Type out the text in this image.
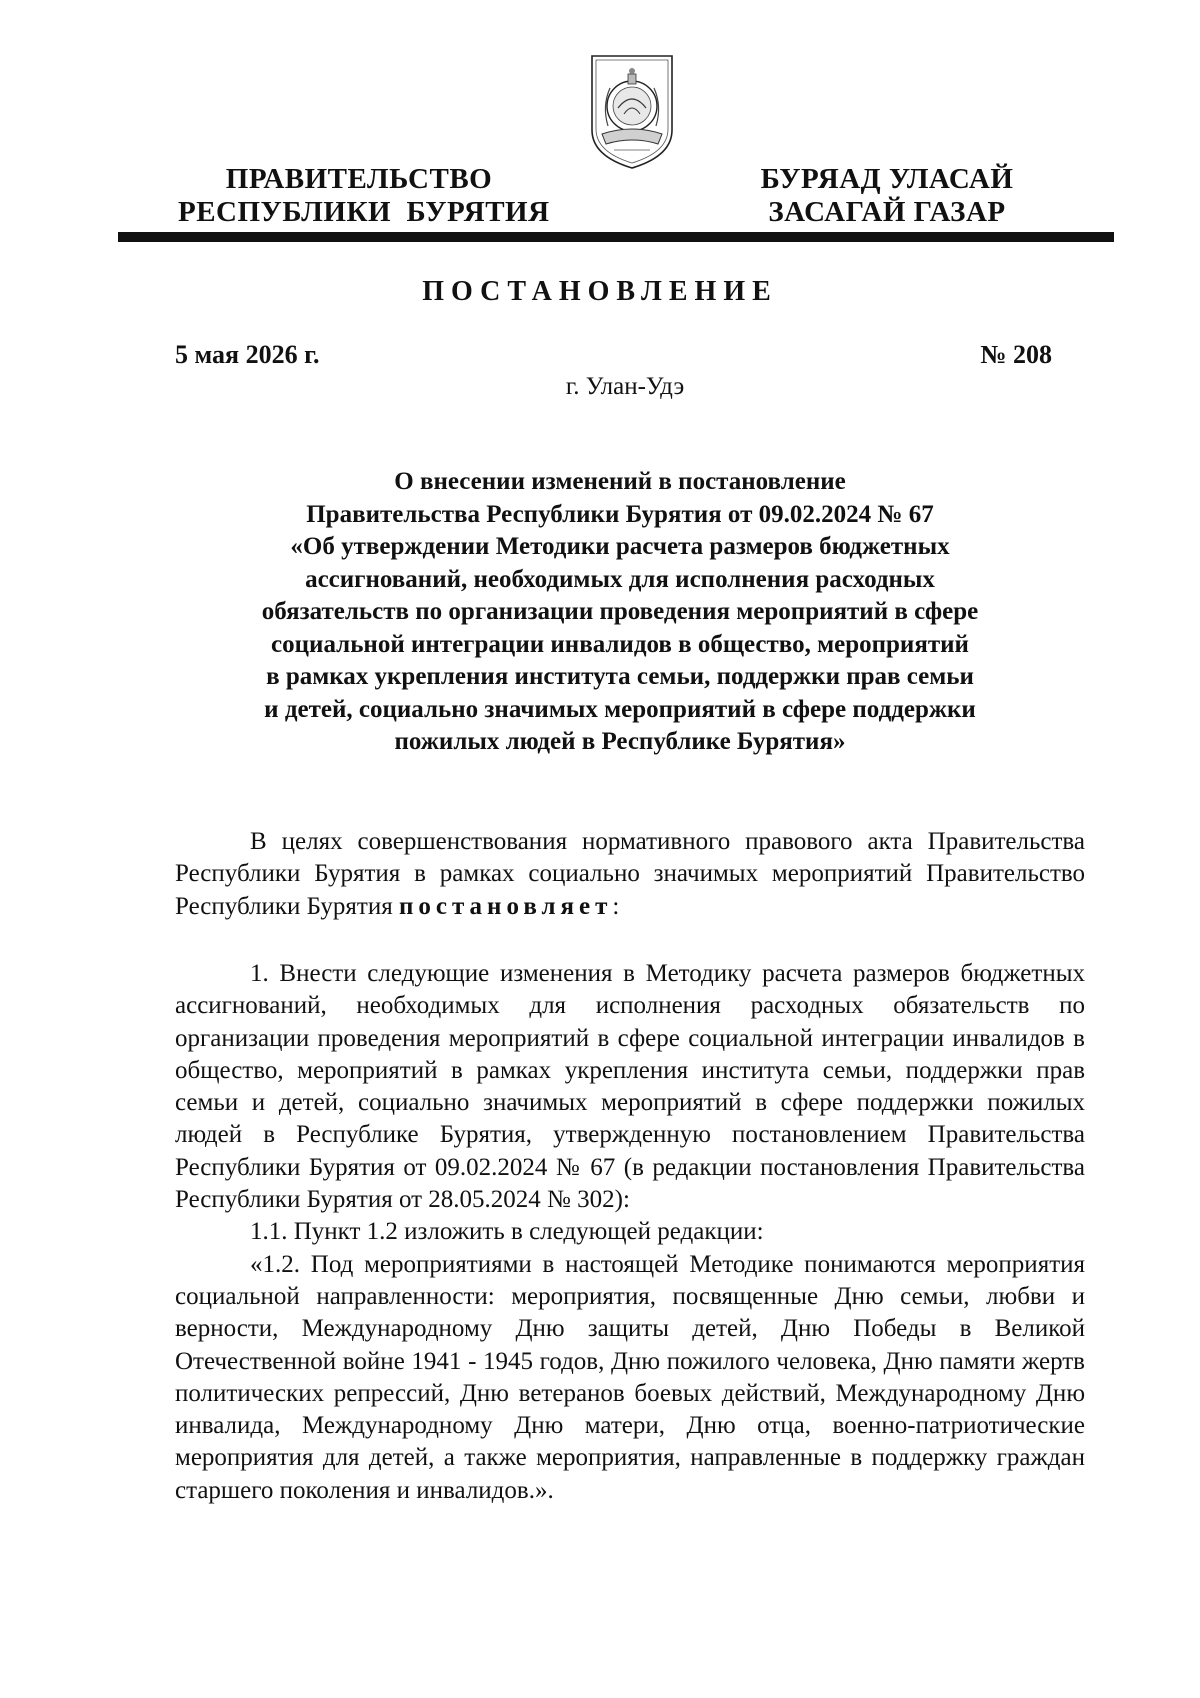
ПРАВИТЕЛЬСТВО
РЕСПУБЛИКИ  БУРЯТИЯ
БУРЯАД УЛАСАЙ
ЗАСАГАЙ ГАЗАР
ПОСТАНОВЛЕНИЕ
5 мая 2026 г.	№ 208
г. Улан-Удэ
О внесении изменений в постановление
Правительства Республики Бурятия от 09.02.2024 № 67
«Об утверждении Методики расчета размеров бюджетных
ассигнований, необходимых для исполнения расходных
обязательств по организации проведения мероприятий в сфере
социальной интеграции инвалидов в общество, мероприятий
в рамках укрепления института семьи, поддержки прав семьи
и детей, социально значимых мероприятий в сфере поддержки
пожилых людей в Республике Бурятия»

В целях совершенствования нормативного правового акта Правительства Республики Бурятия в рамках социально значимых мероприятий Правительство Республики Бурятия постановляет:

1. Внести следующие изменения в Методику расчета размеров бюджетных ассигнований, необходимых для исполнения расходных обязательств по организации проведения мероприятий в сфере социальной интеграции инвалидов в общество, мероприятий в рамках укрепления института семьи, поддержки прав семьи и детей, социально значимых мероприятий в сфере поддержки пожилых людей в Республике Бурятия, утвержденную постановлением Правительства Республики Бурятия от 09.02.2024 № 67 (в редакции постановления Правительства Республики Бурятия от 28.05.2024 № 302):

1.1. Пункт 1.2 изложить в следующей редакции:

«1.2. Под мероприятиями в настоящей Методике понимаются мероприятия социальной направленности: мероприятия, посвященные Дню семьи, любви и верности, Международному Дню защиты детей, Дню Победы в Великой Отечественной войне 1941 - 1945 годов, Дню пожилого человека, Дню памяти жертв политических репрессий, Дню ветеранов боевых действий, Международному Дню инвалида, Международному Дню матери, Дню отца, военно-патриотические мероприятия для детей, а также мероприятия, направленные в поддержку граждан старшего поколения и инвалидов.».
